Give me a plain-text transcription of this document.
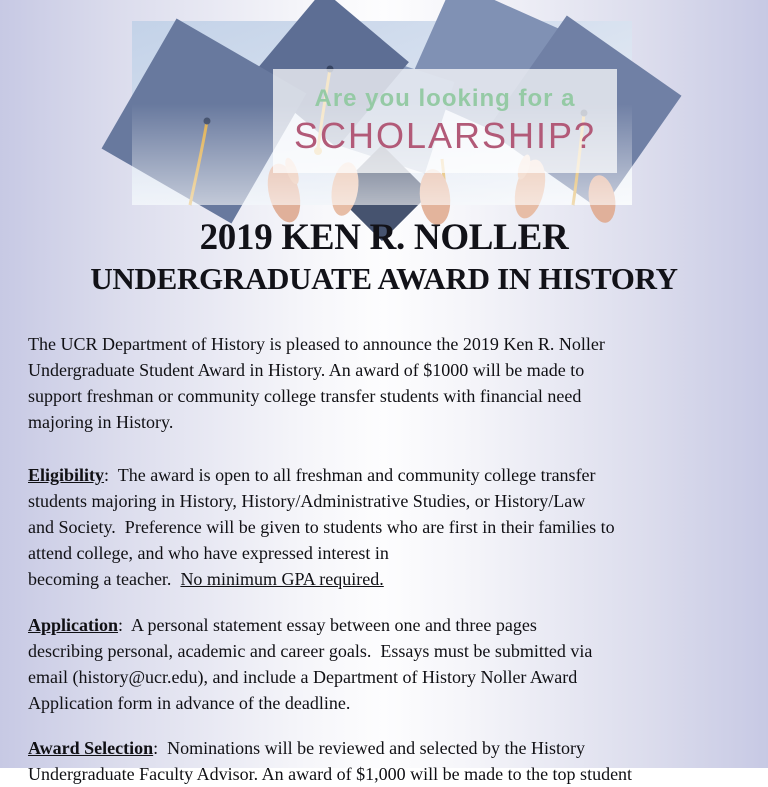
Are you looking for a
SCHOLARSHIP?
2019 KEN R. NOLLER
UNDERGRADUATE AWARD IN HISTORY
The UCR Department of History is pleased to announce the 2019 Ken R. Noller
Undergraduate Student Award in History. An award of $1000 will be made to
support freshman or community college transfer students with financial need
majoring in History.
Eligibility:  The award is open to all freshman and community college transfer
students majoring in History, History/Administrative Studies, or History/Law
and Society.  Preference will be given to students who are first in their families to
attend college, and who have expressed interest in
becoming a teacher.  No minimum GPA required.
Application:  A personal statement essay between one and three pages
describing personal, academic and career goals.  Essays must be submitted via
email (history@ucr.edu), and include a Department of History Noller Award
Application form in advance of the deadline.
Award Selection:  Nominations will be reviewed and selected by the History
Undergraduate Faculty Advisor. An award of $1,000 will be made to the top student
